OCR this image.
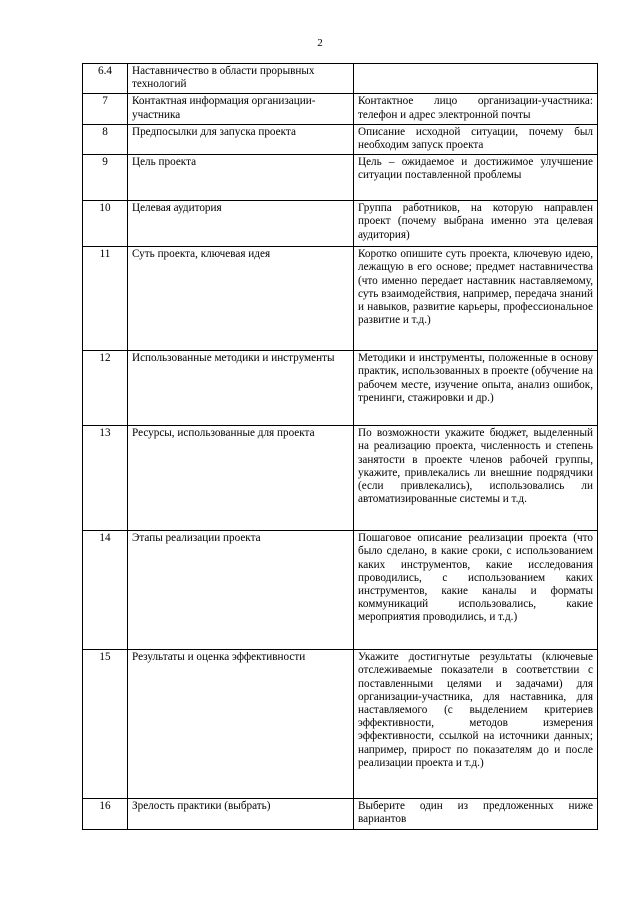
2
6.4	Наставничество в области прорывных технологий	
7	Контактная информация организации-участника	Контактное лицо организации-участника: телефон и адрес электронной почты
8	Предпосылки для запуска проекта	Описание исходной ситуации, почему был необходим запуск проекта
9	Цель проекта	Цель – ожидаемое и достижимое улучшение ситуации поставленной проблемы
10	Целевая аудитория	Группа работников, на которую направлен проект (почему выбрана именно эта целевая аудитория)
11	Суть проекта, ключевая идея	Коротко опишите суть проекта, ключевую идею, лежащую в его основе; предмет наставничества (что именно передает наставник наставляемому, суть взаимодействия, например, передача знаний и навыков, развитие карьеры, профессиональное развитие и т.д.)
12	Использованные методики и инструменты	Методики и инструменты, положенные в основу практик, использованных в проекте (обучение на рабочем месте, изучение опыта, анализ ошибок, тренинги, стажировки и др.)
13	Ресурсы, использованные для проекта	По возможности укажите бюджет, выделенный на реализацию проекта, численность и степень занятости в проекте членов рабочей группы, укажите, привлекались ли внешние подрядчики (если привлекались), использовались ли автоматизированные системы и т.д.
14	Этапы реализации проекта	Пошаговое описание реализации проекта (что было сделано, в какие сроки, с использованием каких инструментов, какие исследования проводились, с использованием каких инструментов, какие каналы и форматы коммуникаций использовались, какие мероприятия проводились, и т.д.)
15	Результаты и оценка эффективности	Укажите достигнутые результаты (ключевые отслеживаемые показатели в соответствии с поставленными целями и задачами) для организации-участника, для наставника, для наставляемого (с выделением критериев эффективности, методов измерения эффективности, ссылкой на источники данных; например, прирост по показателям до и после реализации проекта и т.д.)
16	Зрелость практики (выбрать)	Выберите один из предложенных ниже вариантов
